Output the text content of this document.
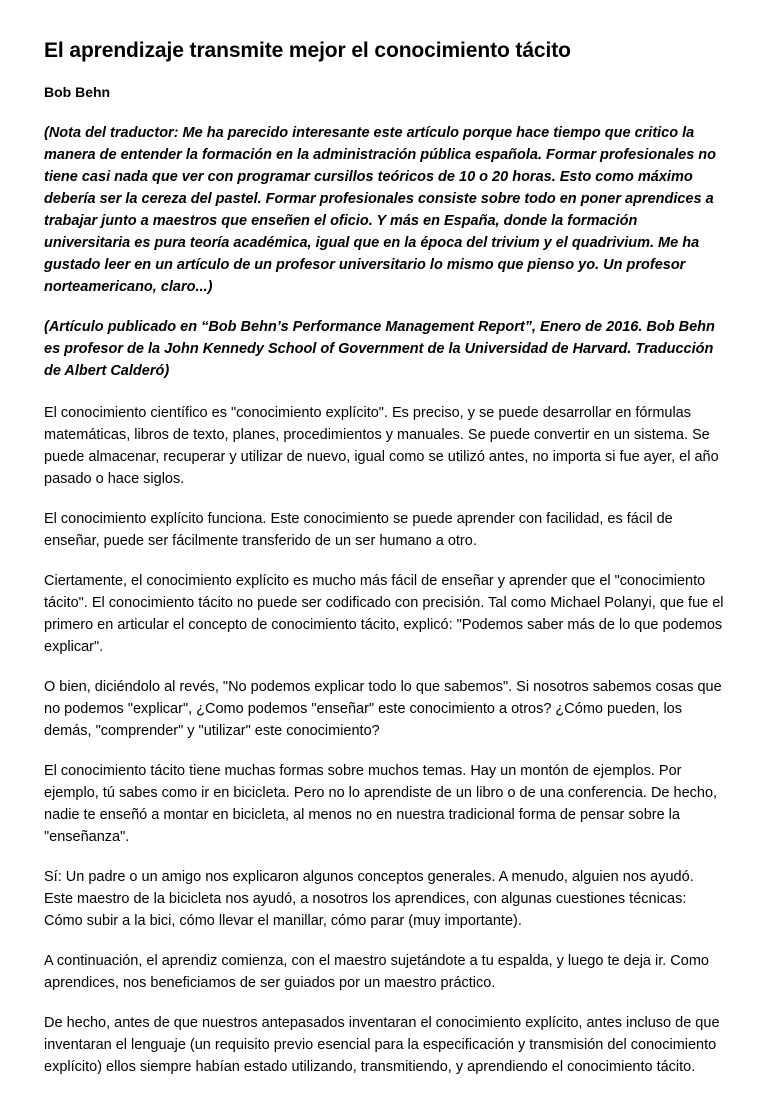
El aprendizaje transmite mejor el conocimiento tácito
Bob Behn

(Nota del traductor: Me ha parecido interesante este artículo porque hace tiempo que critico la manera de entender la formación en la administración pública española. Formar profesionales no tiene casi nada que ver con programar cursillos teóricos de 10 o 20 horas. Esto como máximo debería ser la cereza del pastel. Formar profesionales consiste sobre todo en poner aprendices a trabajar junto a maestros que enseñen el oficio. Y más en España, donde la formación universitaria es pura teoría académica, igual que en la época del trivium y el quadrivium. Me ha gustado leer en un artículo de un profesor universitario lo mismo que pienso yo. Un profesor norteamericano, claro...)

(Artículo publicado en “Bob Behn’s Performance Management Report”, Enero de 2016. Bob Behn es profesor de la John Kennedy School of Government de la Universidad de Harvard. Traducción de Albert Calderó)

El conocimiento científico es "conocimiento explícito". Es preciso, y se puede desarrollar en fórmulas matemáticas, libros de texto, planes, procedimientos y manuales. Se puede convertir en un sistema. Se puede almacenar, recuperar y utilizar de nuevo, igual como se utilizó antes, no importa si fue ayer, el año pasado o hace siglos.

El conocimiento explícito funciona. Este conocimiento se puede aprender con facilidad, es fácil de enseñar, puede ser fácilmente transferido de un ser humano a otro.

Ciertamente, el conocimiento explícito es mucho más fácil de enseñar y aprender que el "conocimiento tácito". El conocimiento tácito no puede ser codificado con precisión. Tal como Michael Polanyi, que fue el primero en articular el concepto de conocimiento tácito, explicó: "Podemos saber más de lo que podemos explicar".

O bien, diciéndolo al revés, "No podemos explicar todo lo que sabemos". Si nosotros sabemos cosas que no podemos "explicar", ¿Como podemos "enseñar" este conocimiento a otros? ¿Cómo pueden, los demás, "comprender" y "utilizar" este conocimiento?

El conocimiento tácito tiene muchas formas sobre muchos temas. Hay un montón de ejemplos. Por ejemplo, tú sabes como ir en bicicleta. Pero no lo aprendiste de un libro o de una conferencia. De hecho, nadie te enseñó a montar en bicicleta, al menos no en nuestra tradicional forma de pensar sobre la "enseñanza".

Sí: Un padre o un amigo nos explicaron algunos conceptos generales. A menudo, alguien nos ayudó. Este maestro de la bicicleta nos ayudó, a nosotros los aprendices, con algunas cuestiones técnicas: Cómo subir a la bici, cómo llevar el manillar, cómo parar (muy importante).

A continuación, el aprendiz comienza, con el maestro sujetándote a tu espalda, y luego te deja ir. Como aprendices, nos beneficiamos de ser guiados por un maestro práctico.

De hecho, antes de que nuestros antepasados inventaran el conocimiento explícito, antes incluso de que inventaran el lenguaje (un requisito previo esencial para la especificación y transmisión del conocimiento explícito) ellos siempre habían estado utilizando, transmitiendo, y aprendiendo el conocimiento tácito.
